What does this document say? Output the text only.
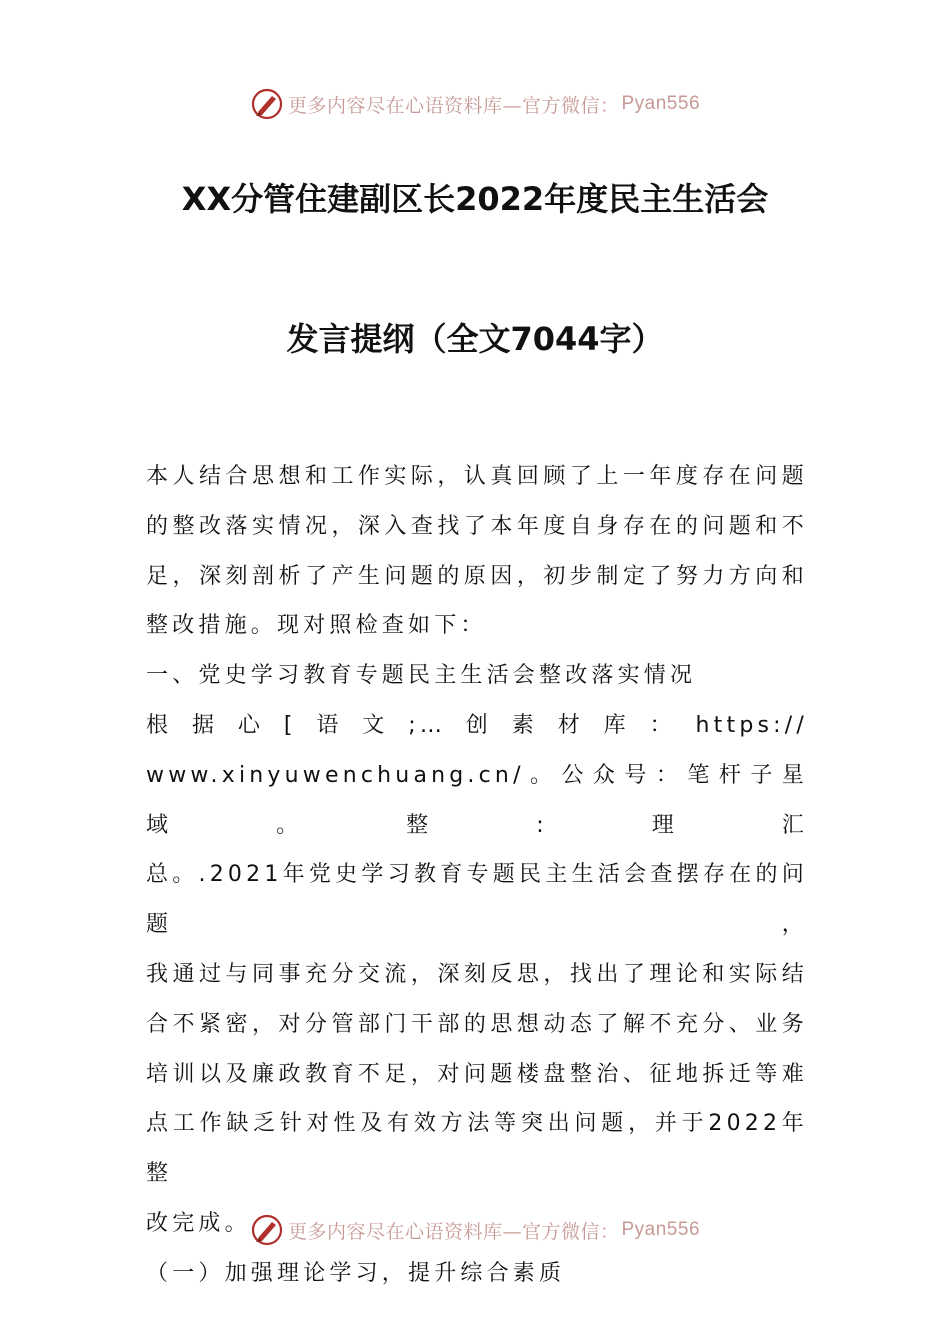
更多内容尽在心语资料库—官方微信： Pyan556
XX分管住建副区长2022年度民主生活会
发言提纲（全文7044字）

本人结合思想和工作实际，认真回顾了上一年度存在问题

的整改落实情况，深入查找了本年度自身存在的问题和不

足，深刻剖析了产生问题的原因，初步制定了努力方向和

整改措施。现对照检查如下：

一、党史学习教育专题民主生活会整改落实情况

根据心[语文;…创素材库：https://

www.xinyuwenchuang.cn/。公众号：笔杆子星域。整:理汇

总。.2021年党史学习教育专题民主生活会查摆存在的问题，

我通过与同事充分交流，深刻反思，找出了理论和实际结

合不紧密，对分管部门干部的思想动态了解不充分、业务

培训以及廉政教育不足，对问题楼盘整治、征地拆迁等难

点工作缺乏针对性及有效方法等突出问题，并于2022年整

改完成。

（一）加强理论学习，提升综合素质

更多内容尽在心语资料库—官方微信： Pyan556
